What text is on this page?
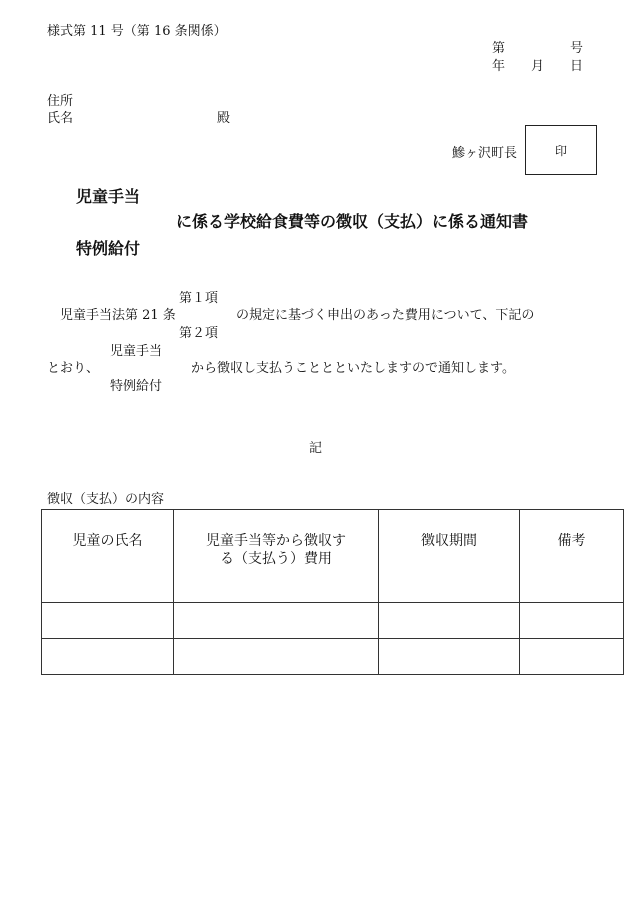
様式第 11 号（第 16 条関係）
第	号
年 月 日
住所
氏名	殿
鰺ヶ沢町長	印
児童手当
に係る学校給食費等の徴収（支払）に係る通知書
特例給付
第１項
児童手当法第 21 条	の規定に基づく申出のあった費用について、下記の
第２項
児童手当
とおり、	から徴収し支払うこととといたしますので通知します。
特例給付
記
徴収（支払）の内容
児童の氏名	児童手当等から徴収する（支払う）費用	徴収期間	備考
